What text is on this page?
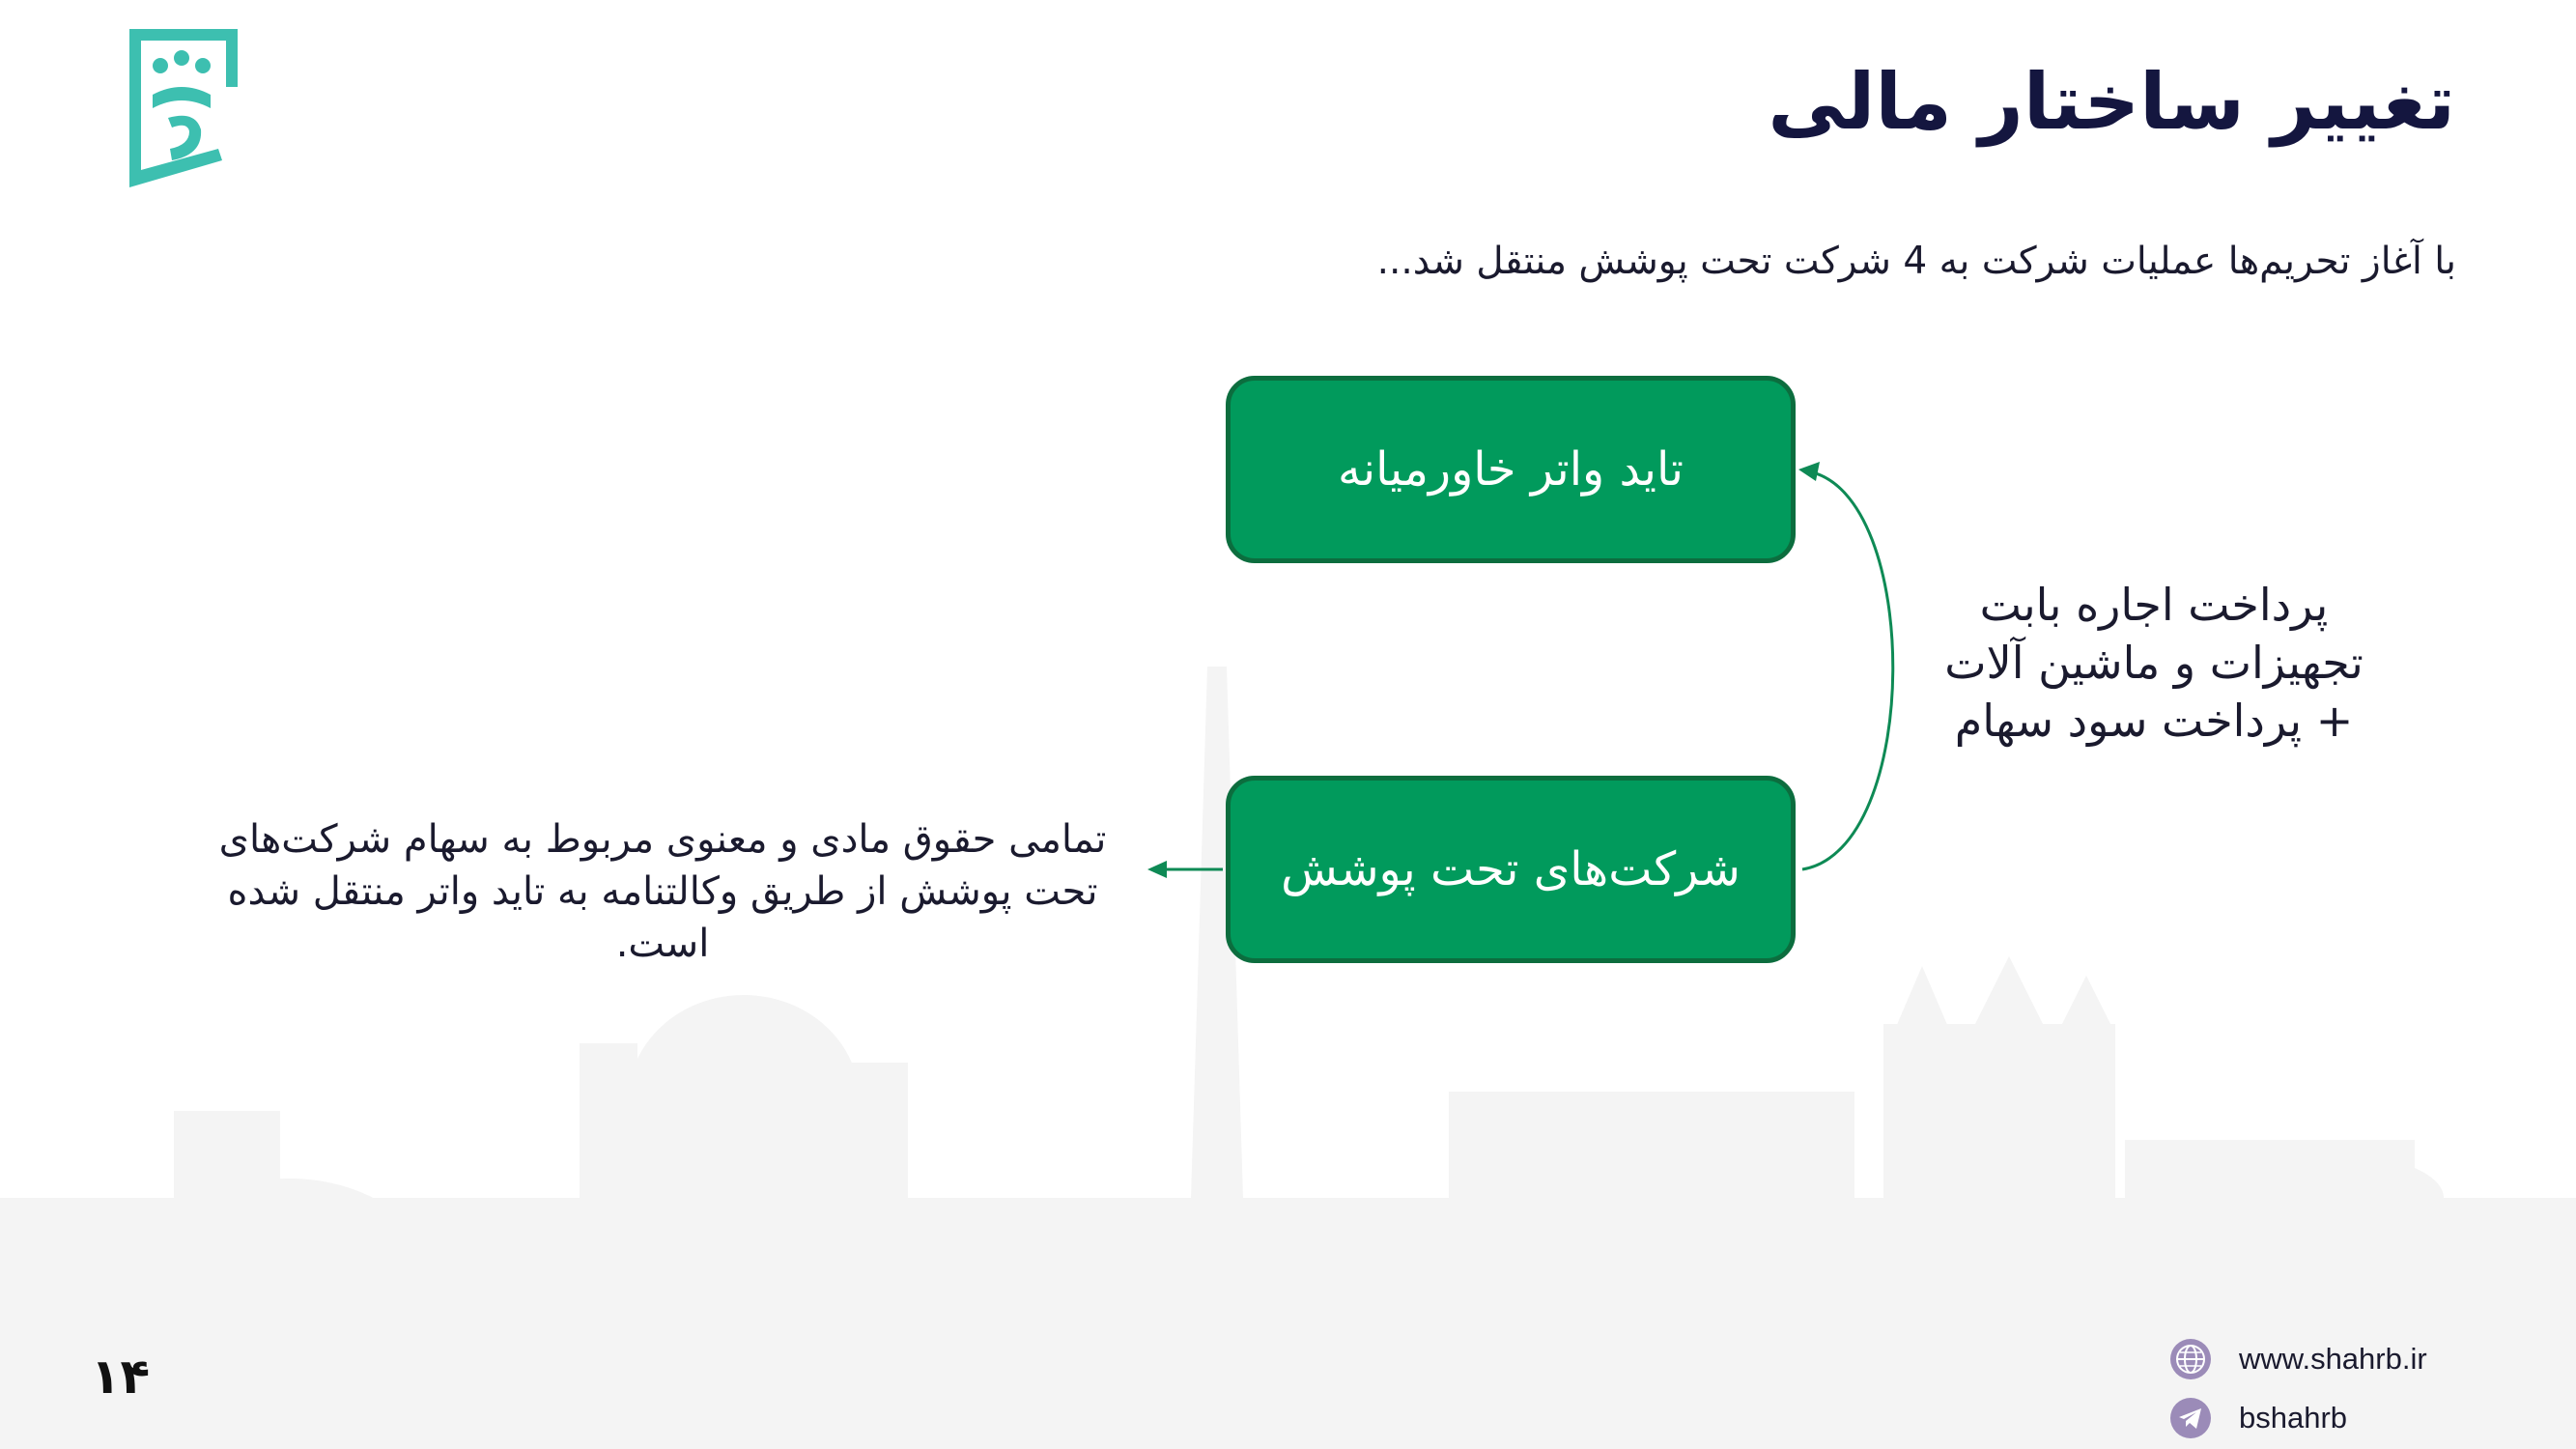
تغییر ساختار مالی
با آغاز تحریم‌ها عملیات شرکت به 4 شرکت تحت پوشش منتقل شد...
تاید واتر خاورمیانه
شرکت‌های تحت پوشش
پرداخت اجاره بابت
تجهیزات و ماشین آلات
+ پرداخت سود سهام
تمامی حقوق مادی و معنوی مربوط به سهام شرکت‌های
تحت پوشش از طریق وکالتنامه به تاید واتر منتقل شده
است.
۱۴	www.shahrb.ir
bshahrb
